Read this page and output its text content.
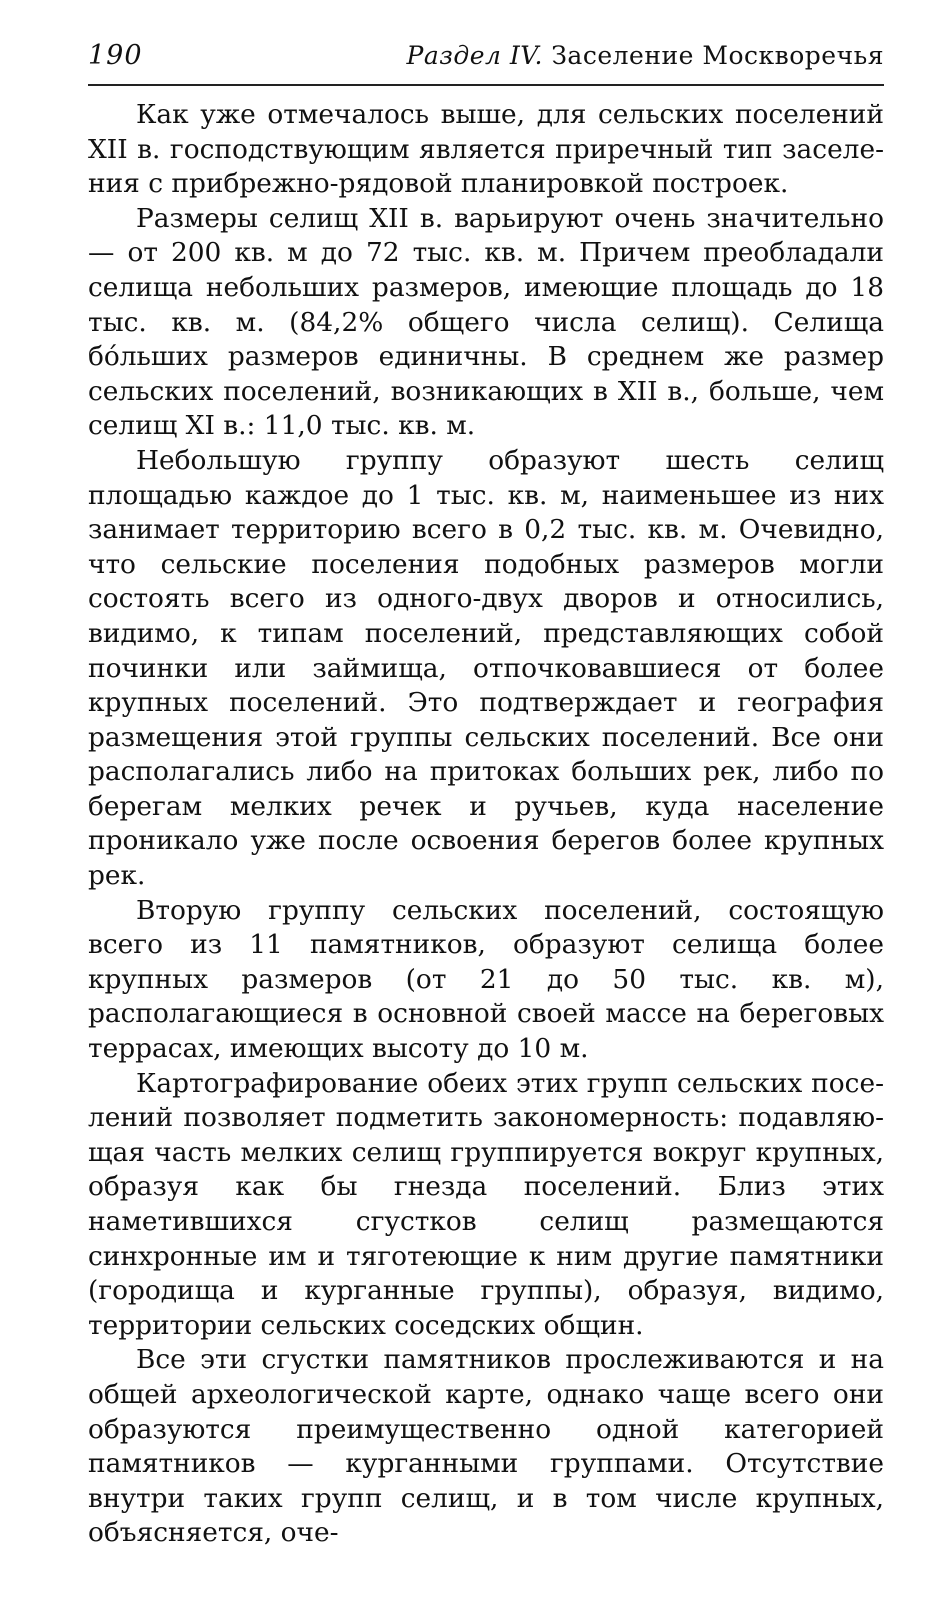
190	Раздел IV. Заселение Москворечья

Как уже отмечалось выше, для сельских поселений XII в. господствующим является приречный тип заселения с прибрежно-рядовой планировкой построек.

Размеры селищ XII в. варьируют очень значительно — от 200 кв. м до 72 тыс. кв. м. Причем преобладали селища небольших размеров, имеющие площадь до 18 тыс. кв. м. (84,2% общего числа селищ). Селища бо́льших размеров единичны. В среднем же размер сельских поселений, возникающих в XII в., больше, чем селищ XI в.: 11,0 тыс. кв. м.

Небольшую группу образуют шесть селищ площадью каждое до 1 тыс. кв. м, наименьшее из них занимает территорию всего в 0,2 тыс. кв. м. Очевидно, что сельские поселения подобных размеров могли состоять всего из одного-двух дворов и относились, видимо, к типам поселений, представляющих собой починки или займища, отпочковавшиеся от более крупных поселений. Это подтверждает и география размещения этой группы сельских поселений. Все они располагались либо на притоках больших рек, либо по берегам мелких речек и ручьев, куда население проникало уже после освоения берегов более крупных рек.

Вторую группу сельских поселений, состоящую всего из 11 памятников, образуют селища более крупных размеров (от 21 до 50 тыс. кв. м), располагающиеся в основной своей массе на береговых террасах, имеющих высоту до 10 м.

Картографирование обеих этих групп сельских поселений позволяет подметить закономерность: подавляющая часть мелких селищ группируется вокруг крупных, образуя как бы гнезда поселений. Близ этих наметившихся сгустков селищ размещаются синхронные им и тяготеющие к ним другие памятники (городища и курганные группы), образуя, видимо, территории сельских соседских общин.

Все эти сгустки памятников прослеживаются и на общей археологической карте, однако чаще всего они образуются преимущественно одной категорией памятников — курганными группами. Отсутствие внутри таких групп селищ, и в том числе крупных, объясняется, оче-
